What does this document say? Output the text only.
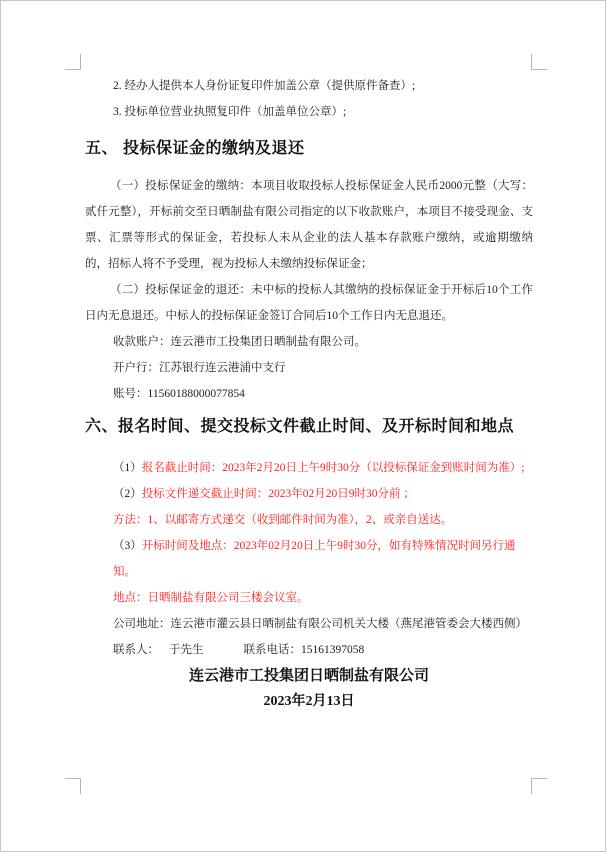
2. 经办人提供本人身份证复印件加盖公章（提供原件备查）;

3. 投标单位营业执照复印件（加盖单位公章）;

五、 投标保证金的缴纳及退还

（一）投标保证金的缴纳：本项目收取投标人投标保证金人民币2000元整（大写：贰仟元整），开标前交至日晒制盐有限公司指定的以下收款账户，本项目不接受现金、支票、汇票等形式的保证金，若投标人未从企业的法人基本存款账户缴纳，或逾期缴纳的，招标人将不予受理，视为投标人未缴纳投标保证金；

（二）投标保证金的退还：未中标的投标人其缴纳的投标保证金于开标后10个工作日内无息退还。中标人的投标保证金签订合同后10个工作日内无息退还。

收款账户：连云港市工投集团日晒制盐有限公司。

开户行：江苏银行连云港浦中支行

账号：11560188000077854

六、报名时间、提交投标文件截止时间、及开标时间和地点

（1）报名截止时间：2023年2月20日上午9时30分（以投标保证金到账时间为准）;

（2）投标文件递交截止时间：2023年02月20日9时30分前 ；

方法：1、以邮寄方式递交（收到邮件时间为准），2、或亲自送达。

（3）开标时间及地点：2023年02月20日上午9时30分，如有特殊情况时间另行通知。

地点：日晒制盐有限公司三楼会议室。

公司地址：连云港市灌云县日晒制盐有限公司机关大楼（燕尾港管委会大楼西侧）

联系人： 于先生	联系电话：15161397058

连云港市工投集团日晒制盐有限公司

2023年2月13日
